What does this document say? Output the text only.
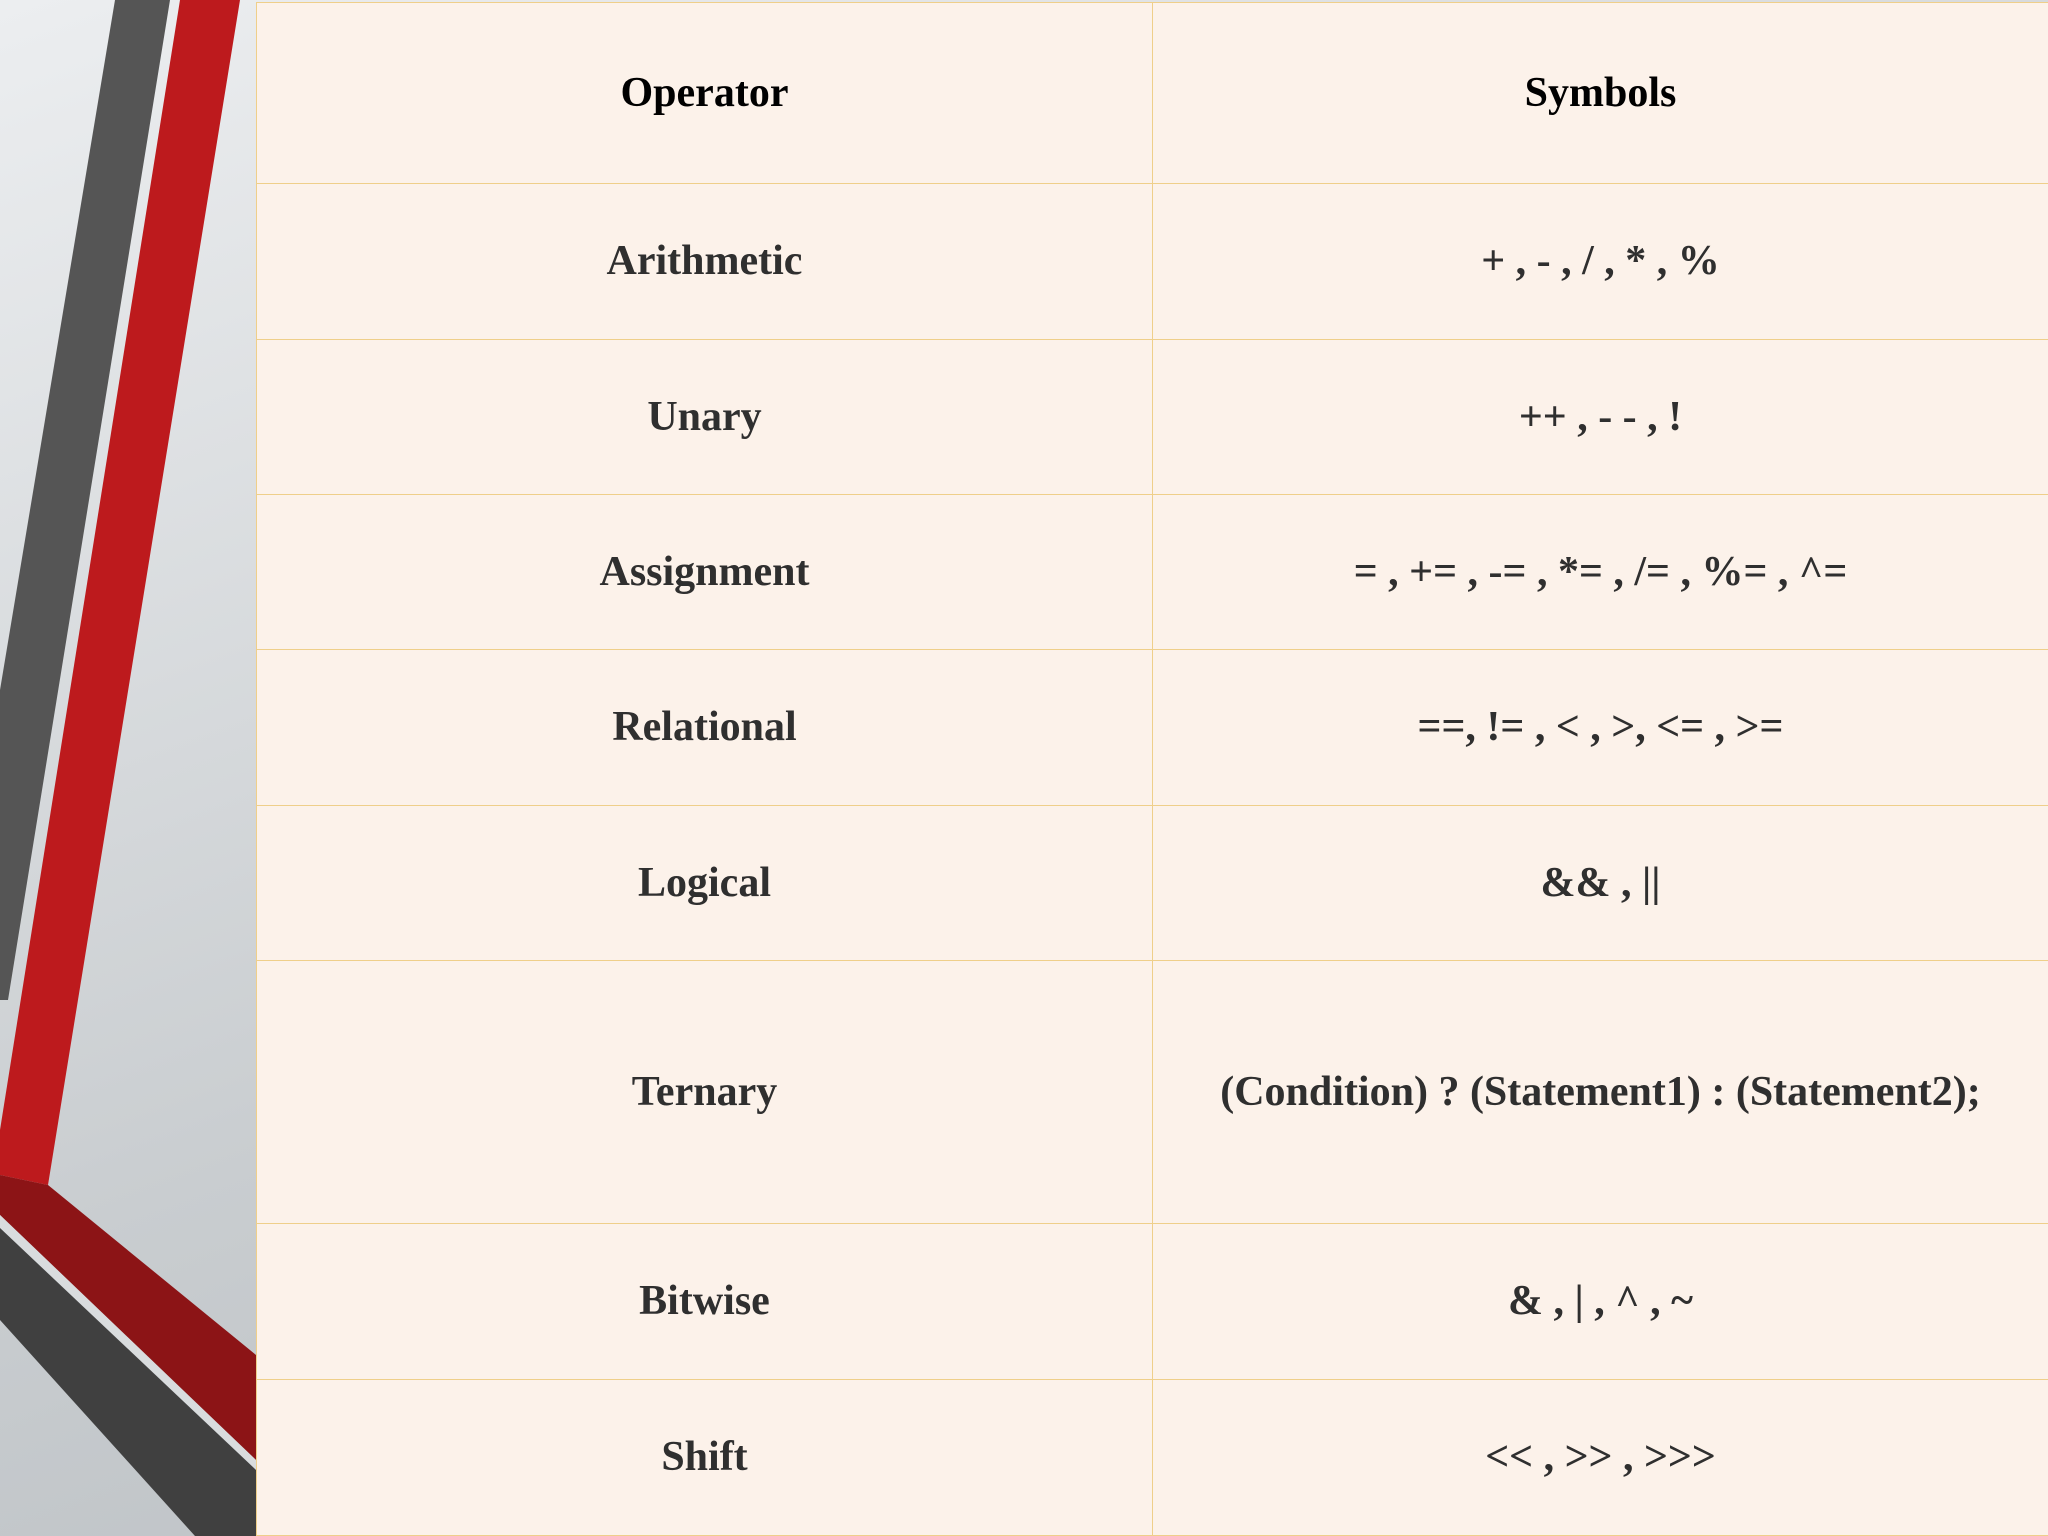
Operator	Symbols
Arithmetic	+ , - , / , * , %
Unary	++ , - - , !
Assignment	= , += , -= , *= , /= , %= , ^=
Relational	==, != , < , >, <= , >=
Logical	&& , ||
Ternary	(Condition) ? (Statement1) : (Statement2);
Bitwise	& , | , ^ , ~
Shift	<< , >> , >>>
